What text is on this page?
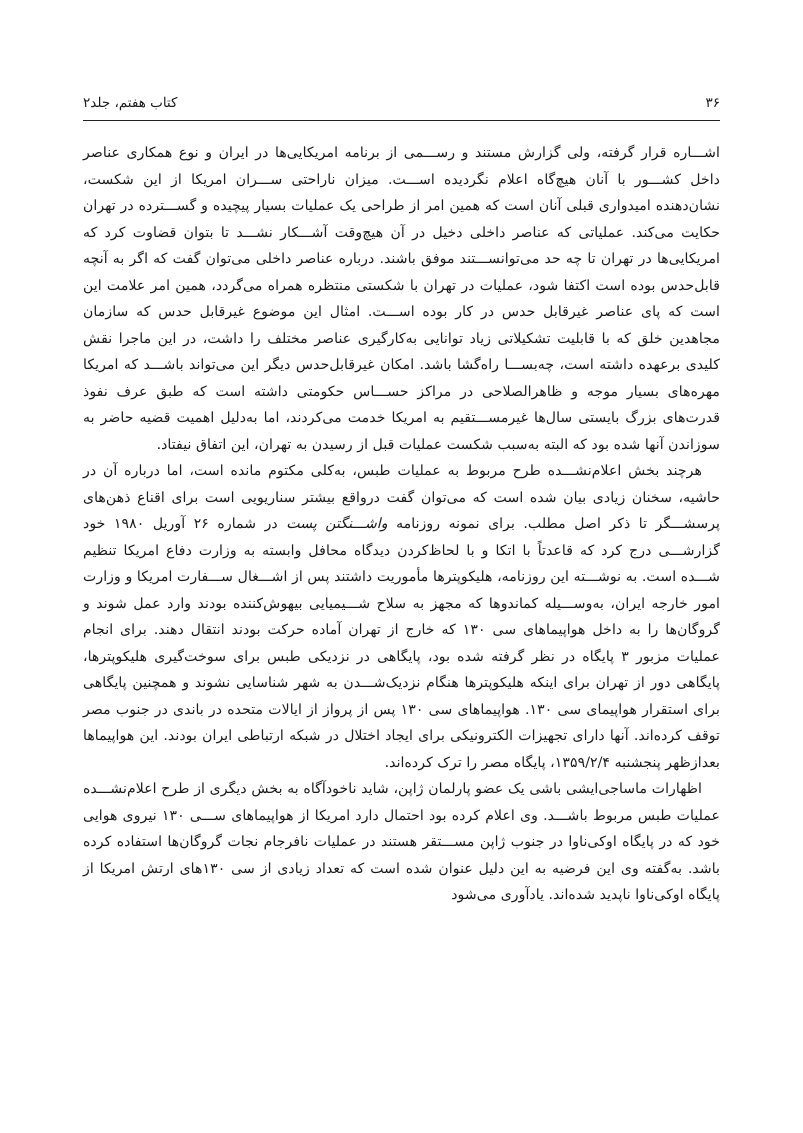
۳۶
کتاب هفتم، جلد۲

اشـــاره قرار گرفته، ولی گزارش مستند و رســـمی از برنامه امریکایی‌ها در ایران و نوع همکاری عناصر داخل کشـــور با آنان هیچ‌گاه اعلام نگردیده اســـت. میزان ناراحتی ســـران امریکا از این شکست، نشان‌دهنده امیدواری قبلی آنان است که همین امر از طراحی یک عملیات بسیار پیچیده و گســـترده در تهران حکایت می‌کند. عملیاتی که عناصر داخلی دخیل در آن هیچ‌وقت آشـــکار نشـــد تا بتوان قضاوت کرد که امریکایی‌ها در تهران تا چه حد می‌توانســـتند موفق باشند. درباره عناصر داخلی می‌توان گفت که اگر به آنچه قابل‌حدس بوده است اکتفا شود، عملیات در تهران با شکستی منتظره همراه می‌گردد، همین امر علامت این است که پای عناصر غیرقابل حدس در کار بوده اســـت. امثال این موضوع غیرقابل حدس که سازمان مجاهدین خلق که با قابلیت تشکیلاتی زیاد توانایی به‌کارگیری عناصر مختلف را داشت، در این ماجرا نقش کلیدی برعهده داشته است، چه‌بســـا راه‌گشا باشد. امکان غیرقابل‌حدس دیگر این می‌تواند باشـــد که امریکا مهره‌های بسیار موجه و ظاهرالصلاحی در مراکز حســـاس حکومتی داشته است که طبق عرف نفوذ قدرت‌های بزرگ بایستی سال‌ها غیرمســـتقیم به امریکا خدمت می‌کردند، اما به‌دلیل اهمیت قضیه حاضر به سوزاندن آنها شده بود که البته به‌سبب شکست عملیات قبل از رسیدن به تهران، این اتفاق نیفتاد.

هرچند بخش اعلام‌نشـــده طرح مربوط به عملیات طبس، به‌کلی مکتوم مانده است، اما درباره آن در حاشیه، سخنان زیادی بیان شده است که می‌توان گفت درواقع بیشتر سناریویی است برای اقناع ذهن‌های پرسشـــگر تا ذکر اصل مطلب. برای نمونه روزنامه واشـــنگتن پست در شماره ۲۶ آوریل ۱۹۸۰ خود گزارشـــی درج کرد که قاعدتاً با اتکا و با لحاظ‌کردن دیدگاه محافل وابسته به وزارت دفاع امریکا تنظیم شـــده است. به نوشـــته این روزنامه، هلیکوپترها مأموریت داشتند پس از اشـــغال ســـفارت امریکا و وزارت امور خارجه ایران، به‌وســـیله کماندوها که مجهز به سلاح شـــیمیایی بیهوش‌کننده بودند وارد عمل شوند و گروگان‌ها را به داخل هواپیماهای سی ۱۳۰ که خارج از تهران آماده حرکت بودند انتقال دهند. برای انجام عملیات مزبور ۳ پایگاه در نظر گرفته شده بود، پایگاهی در نزدیکی طبس برای سوخت‌گیری هلیکوپترها، پایگاهی دور از تهران برای اینکه هلیکوپترها هنگام نزدیک‌شـــدن به شهر شناسایی نشوند و همچنین پایگاهی برای استقرار هواپیمای سی ۱۳۰. هواپیماهای سی ۱۳۰ پس از پرواز از ایالات متحده در باندی در جنوب مصر توقف کرده‌اند. آنها دارای تجهیزات الکترونیکی برای ایجاد اختلال در شبکه ارتباطی ایران بودند. این هواپیماها بعدازظهر پنجشنبه ۱۳۵۹/۲/۴، پایگاه مصر را ترک کرده‌اند.

اظهارات ماساجی‌ایشی باشی یک عضو پارلمان ژاپن، شاید ناخودآگاه به بخش دیگری از طرح اعلام‌نشـــده عملیات طبس مربوط باشـــد. وی اعلام کرده بود احتمال دارد امریکا از هواپیماهای ســـی ۱۳۰ نیروی هوایی خود که در پایگاه اوکی‌ناوا در جنوب ژاپن مســـتقر هستند در عملیات نافرجام نجات گروگان‌ها استفاده کرده باشد. به‌گفته وی این فرضیه به این دلیل عنوان شده است که تعداد زیادی از سی ۱۳۰های ارتش امریکا از پایگاه اوکی‌ناوا ناپدید شده‌اند. یادآوری می‌شود
